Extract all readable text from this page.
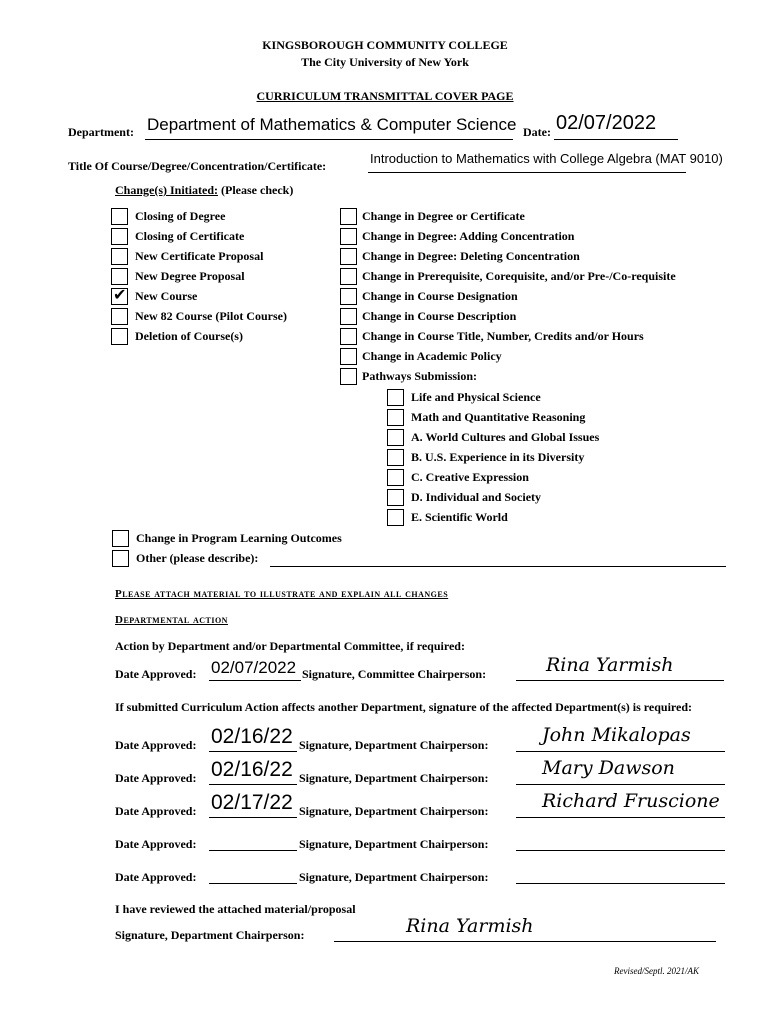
KINGSBOROUGH COMMUNITY COLLEGE
The City University of New York
CURRICULUM TRANSMITTAL COVER PAGE
Department: Department of Mathematics & Computer Science Date: 02/07/2022
Title Of Course/Degree/Concentration/Certificate:	Introduction to Mathematics with College Algebra (MAT 9010)
Change(s) Initiated: (Please check)
Closing of Degree
Closing of Certificate
New Certificate Proposal
New Degree Proposal
✔ New Course
New 82 Course (Pilot Course)
Deletion of Course(s)
Change in Degree or Certificate
Change in Degree: Adding Concentration
Change in Degree: Deleting Concentration
Change in Prerequisite, Corequisite, and/or Pre-/Co-requisite
Change in Course Designation
Change in Course Description
Change in Course Title, Number, Credits and/or Hours
Change in Academic Policy
Pathways Submission:
Life and Physical Science
Math and Quantitative Reasoning
A. World Cultures and Global Issues
B. U.S. Experience in its Diversity
C. Creative Expression
D. Individual and Society
E. Scientific World
Change in Program Learning Outcomes
Other (please describe):
Please attach material to illustrate and explain all changes
Departmental action
Action by Department and/or Departmental Committee, if required:
Date Approved: 02/07/2022 Signature, Committee Chairperson:	Rina Yarmish
If submitted Curriculum Action affects another Department, signature of the affected Department(s) is required:
Date Approved: 02/16/22 Signature, Department Chairperson:	John Mikalopas
Date Approved: 02/16/22 Signature, Department Chairperson:	Mary Dawson
Date Approved: 02/17/22 Signature, Department Chairperson:	Richard Fruscione
Date Approved:	Signature, Department Chairperson:
Date Approved:	Signature, Department Chairperson:
I have reviewed the attached material/proposal
Signature, Department Chairperson:	Rina Yarmish
Revised/Septl. 2021/AK
